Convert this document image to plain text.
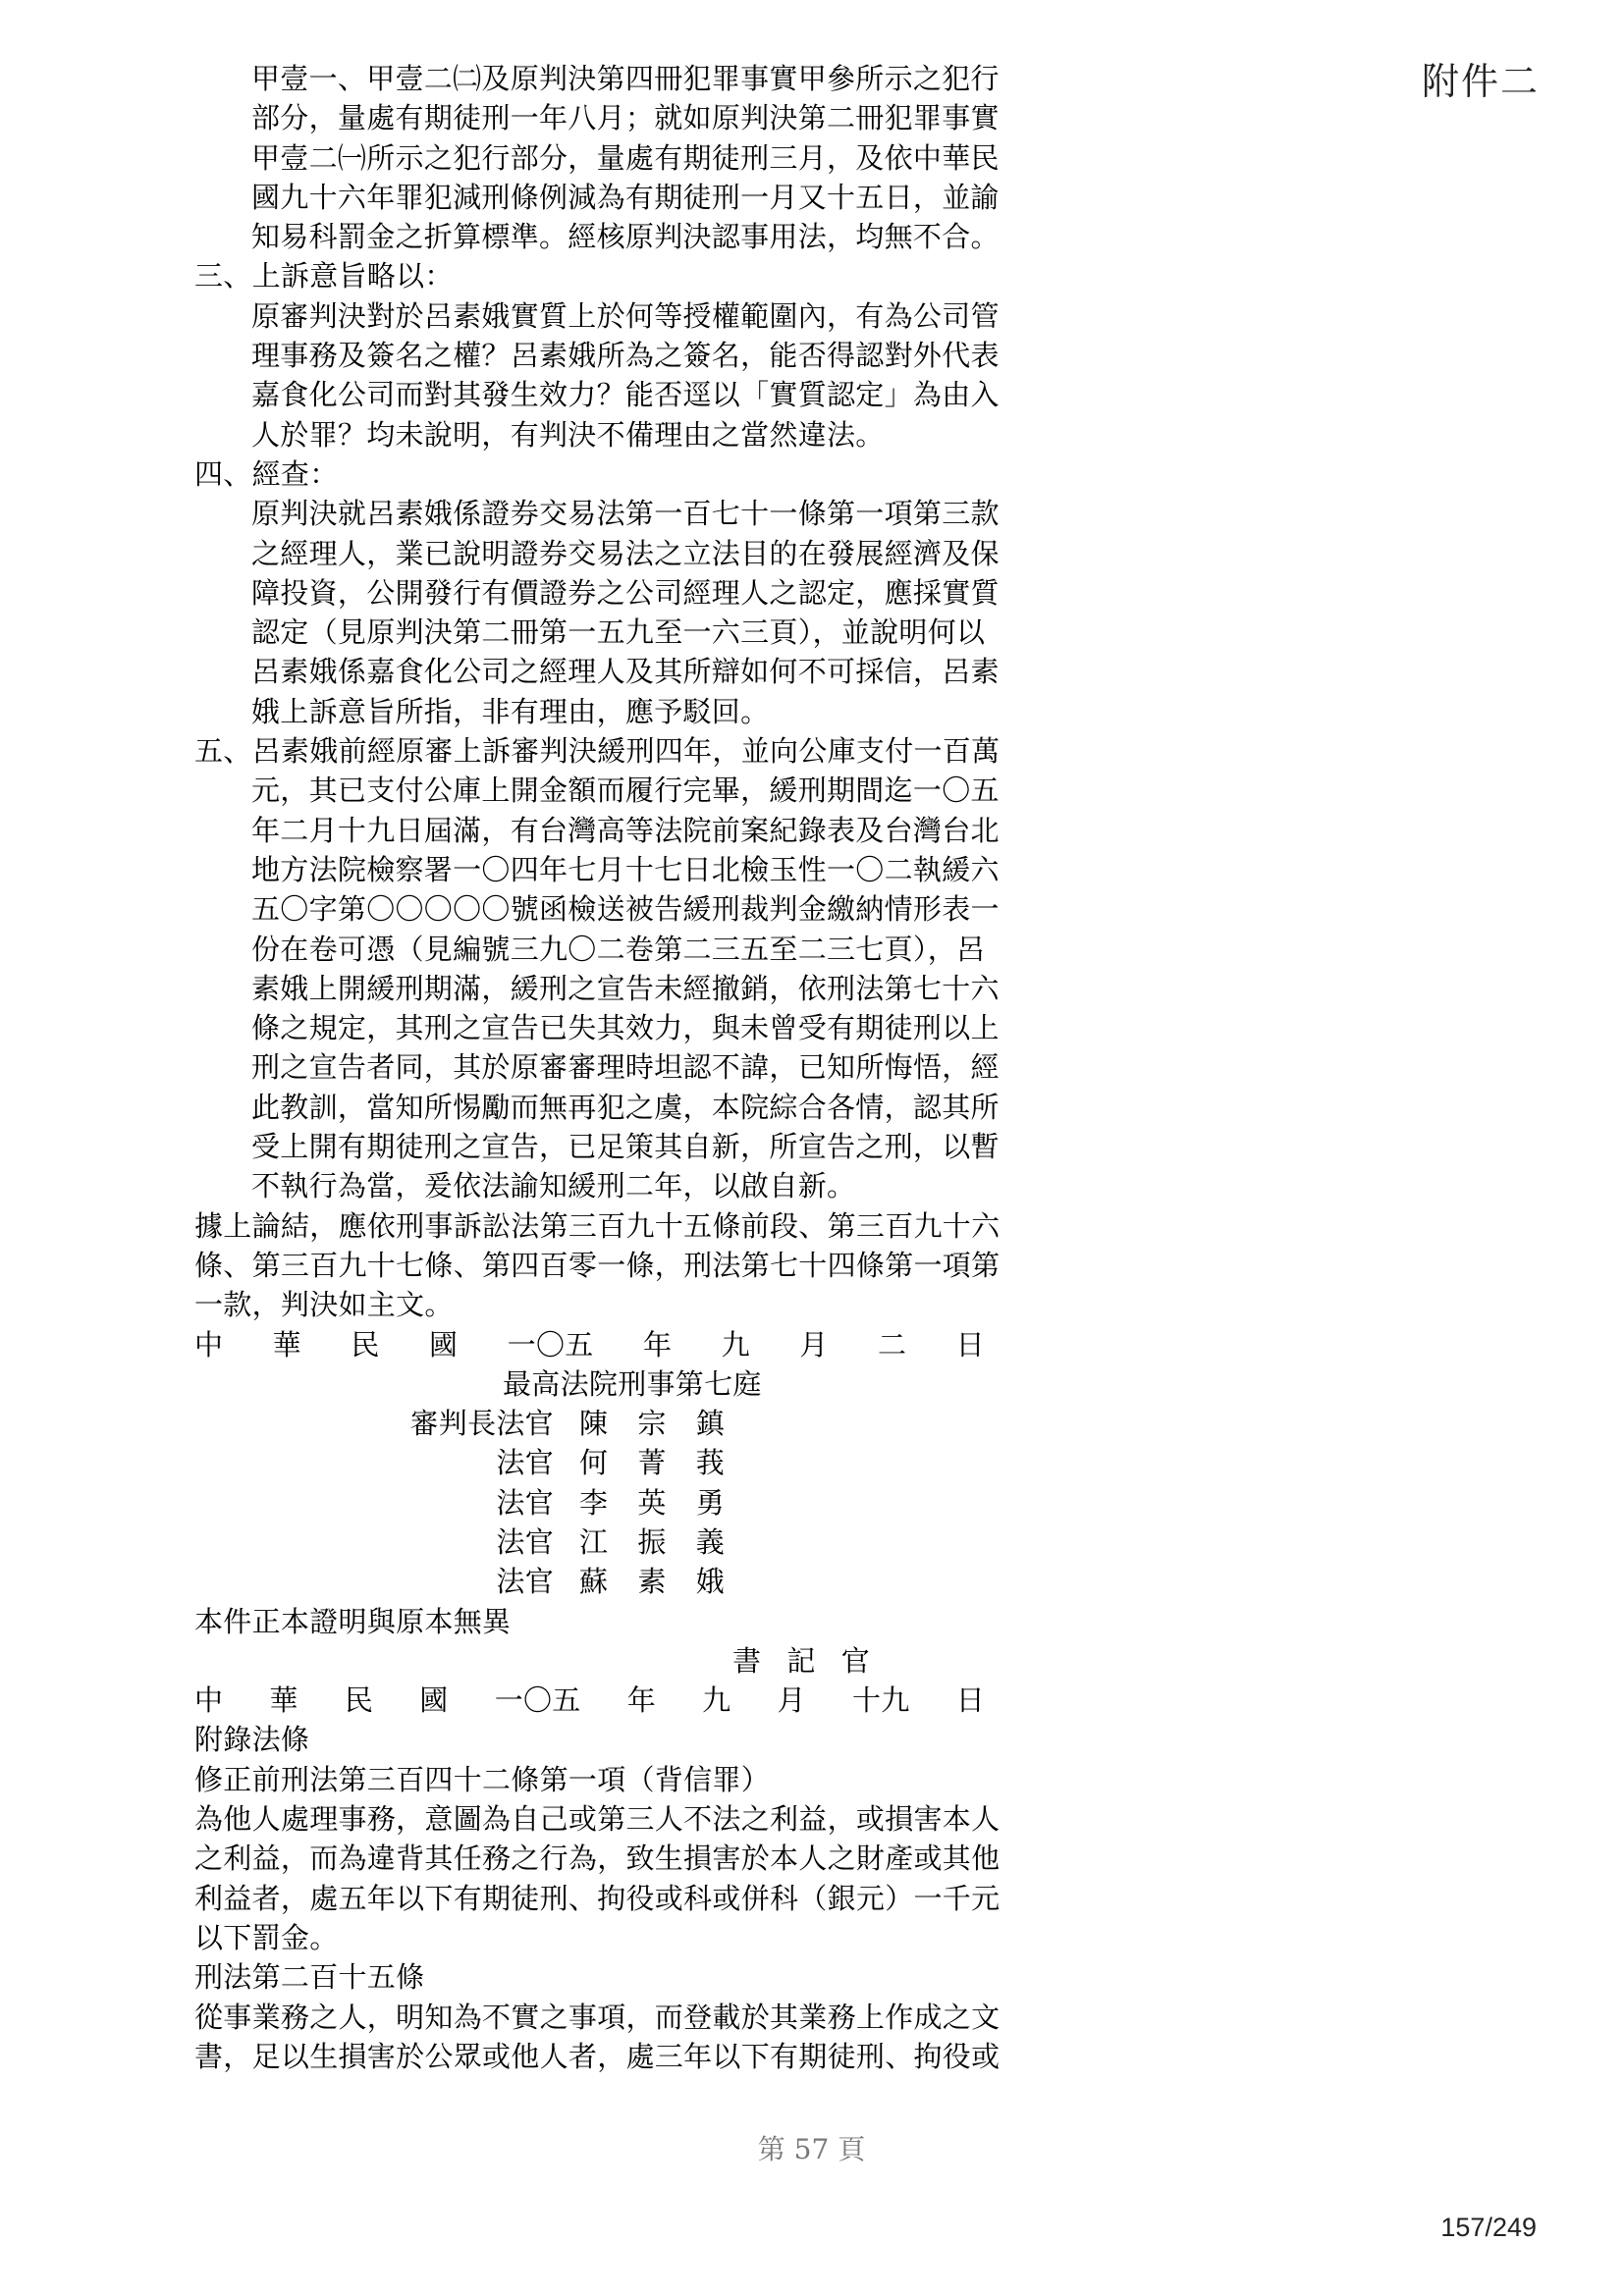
附件二
甲壹一、甲壹二㈡及原判決第四冊犯罪事實甲參所示之犯行
部分，量處有期徒刑一年八月；就如原判決第二冊犯罪事實
甲壹二㈠所示之犯行部分，量處有期徒刑三月，及依中華民
國九十六年罪犯減刑條例減為有期徒刑一月又十五日，並諭
知易科罰金之折算標準。經核原判決認事用法，均無不合。
三、上訴意旨略以：
原審判決對於呂素娥實質上於何等授權範圍內，有為公司管
理事務及簽名之權？呂素娥所為之簽名，能否得認對外代表
嘉食化公司而對其發生效力？能否逕以「實質認定」為由入
人於罪？均未說明，有判決不備理由之當然違法。
四、經查：
原判決就呂素娥係證券交易法第一百七十一條第一項第三款
之經理人，業已說明證券交易法之立法目的在發展經濟及保
障投資，公開發行有價證券之公司經理人之認定，應採實質
認定（見原判決第二冊第一五九至一六三頁），並說明何以
呂素娥係嘉食化公司之經理人及其所辯如何不可採信，呂素
娥上訴意旨所指，非有理由，應予駁回。
五、呂素娥前經原審上訴審判決緩刑四年，並向公庫支付一百萬
元，其已支付公庫上開金額而履行完畢，緩刑期間迄一〇五
年二月十九日屆滿，有台灣高等法院前案紀錄表及台灣台北
地方法院檢察署一〇四年七月十七日北檢玉性一〇二執緩六
五〇字第〇〇〇〇〇號函檢送被告緩刑裁判金繳納情形表一
份在卷可憑（見編號三九〇二卷第二三五至二三七頁），呂
素娥上開緩刑期滿，緩刑之宣告未經撤銷，依刑法第七十六
條之規定，其刑之宣告已失其效力，與未曾受有期徒刑以上
刑之宣告者同，其於原審審理時坦認不諱，已知所悔悟，經
此教訓，當知所惕勵而無再犯之虞，本院綜合各情，認其所
受上開有期徒刑之宣告，已足策其自新，所宣告之刑，以暫
不執行為當，爰依法諭知緩刑二年，以啟自新。
據上論結，應依刑事訴訟法第三百九十五條前段、第三百九十六
條、第三百九十七條、第四百零一條，刑法第七十四條第一項第
一款，判決如主文。
中 華 民 國 一〇五 年 九 月 二 日
最高法院刑事第七庭
審判長法官 陳 宗 鎮
法官 何 菁 莪
法官 李 英 勇
法官 江 振 義
法官 蘇 素 娥
本件正本證明與原本無異
書 記 官
中 華 民 國 一〇五 年 九 月 十九 日
附錄法條
修正前刑法第三百四十二條第一項（背信罪）
為他人處理事務，意圖為自己或第三人不法之利益，或損害本人
之利益，而為違背其任務之行為，致生損害於本人之財產或其他
利益者，處五年以下有期徒刑、拘役或科或併科（銀元）一千元
以下罰金。
刑法第二百十五條
從事業務之人，明知為不實之事項，而登載於其業務上作成之文
書，足以生損害於公眾或他人者，處三年以下有期徒刑、拘役或
第 57 頁
157/249
